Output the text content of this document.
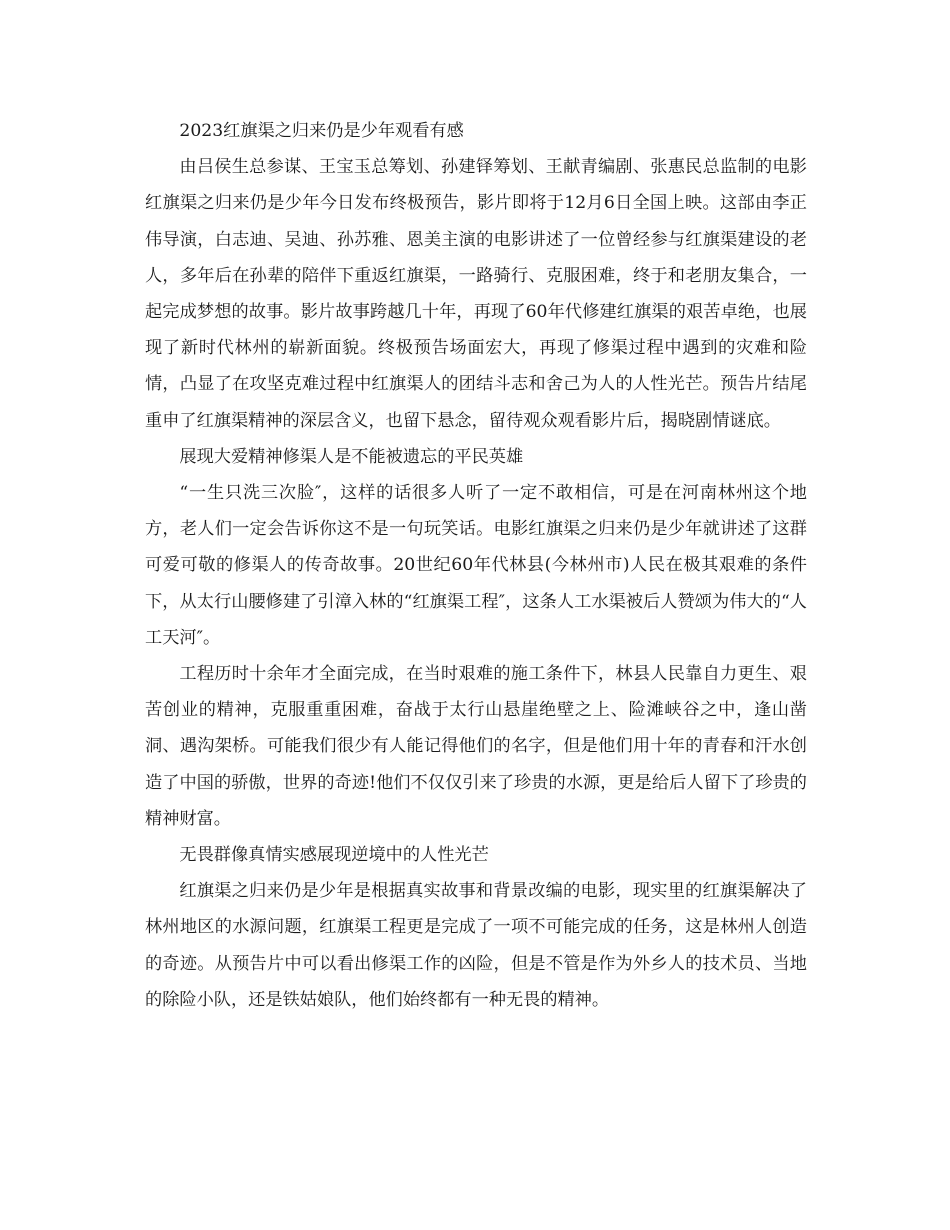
2023红旗渠之归来仍是少年观看有感

由吕侯生总参谋、王宝玉总筹划、孙建铎筹划、王献青编剧、张惠民总监制的电影红旗渠之归来仍是少年今日发布终极预告，影片即将于12月6日全国上映。这部由李正伟导演，白志迪、吴迪、孙苏雅、恩美主演的电影讲述了一位曾经参与红旗渠建设的老人，多年后在孙辈的陪伴下重返红旗渠，一路骑行、克服困难，终于和老朋友集合，一起完成梦想的故事。影片故事跨越几十年，再现了60年代修建红旗渠的艰苦卓绝，也展现了新时代林州的崭新面貌。终极预告场面宏大，再现了修渠过程中遇到的灾难和险情，凸显了在攻坚克难过程中红旗渠人的团结斗志和舍己为人的人性光芒。预告片结尾重申了红旗渠精神的深层含义，也留下悬念，留待观众观看影片后，揭晓剧情谜底。

展现大爱精神修渠人是不能被遗忘的平民英雄

“一生只洗三次脸″，这样的话很多人听了一定不敢相信，可是在河南林州这个地方，老人们一定会告诉你这不是一句玩笑话。电影红旗渠之归来仍是少年就讲述了这群可爱可敬的修渠人的传奇故事。20世纪60年代林县(今林州市)人民在极其艰难的条件下，从太行山腰修建了引漳入林的“红旗渠工程″，这条人工水渠被后人赞颂为伟大的“人工天河″。

工程历时十余年才全面完成，在当时艰难的施工条件下，林县人民靠自力更生、艰苦创业的精神，克服重重困难，奋战于太行山悬崖绝壁之上、险滩峡谷之中，逢山凿洞、遇沟架桥。可能我们很少有人能记得他们的名字，但是他们用十年的青春和汗水创造了中国的骄傲，世界的奇迹!他们不仅仅引来了珍贵的水源，更是给后人留下了珍贵的精神财富。

无畏群像真情实感展现逆境中的人性光芒

红旗渠之归来仍是少年是根据真实故事和背景改编的电影，现实里的红旗渠解决了林州地区的水源问题，红旗渠工程更是完成了一项不可能完成的任务，这是林州人创造的奇迹。从预告片中可以看出修渠工作的凶险，但是不管是作为外乡人的技术员、当地的除险小队，还是铁姑娘队，他们始终都有一种无畏的精神。
